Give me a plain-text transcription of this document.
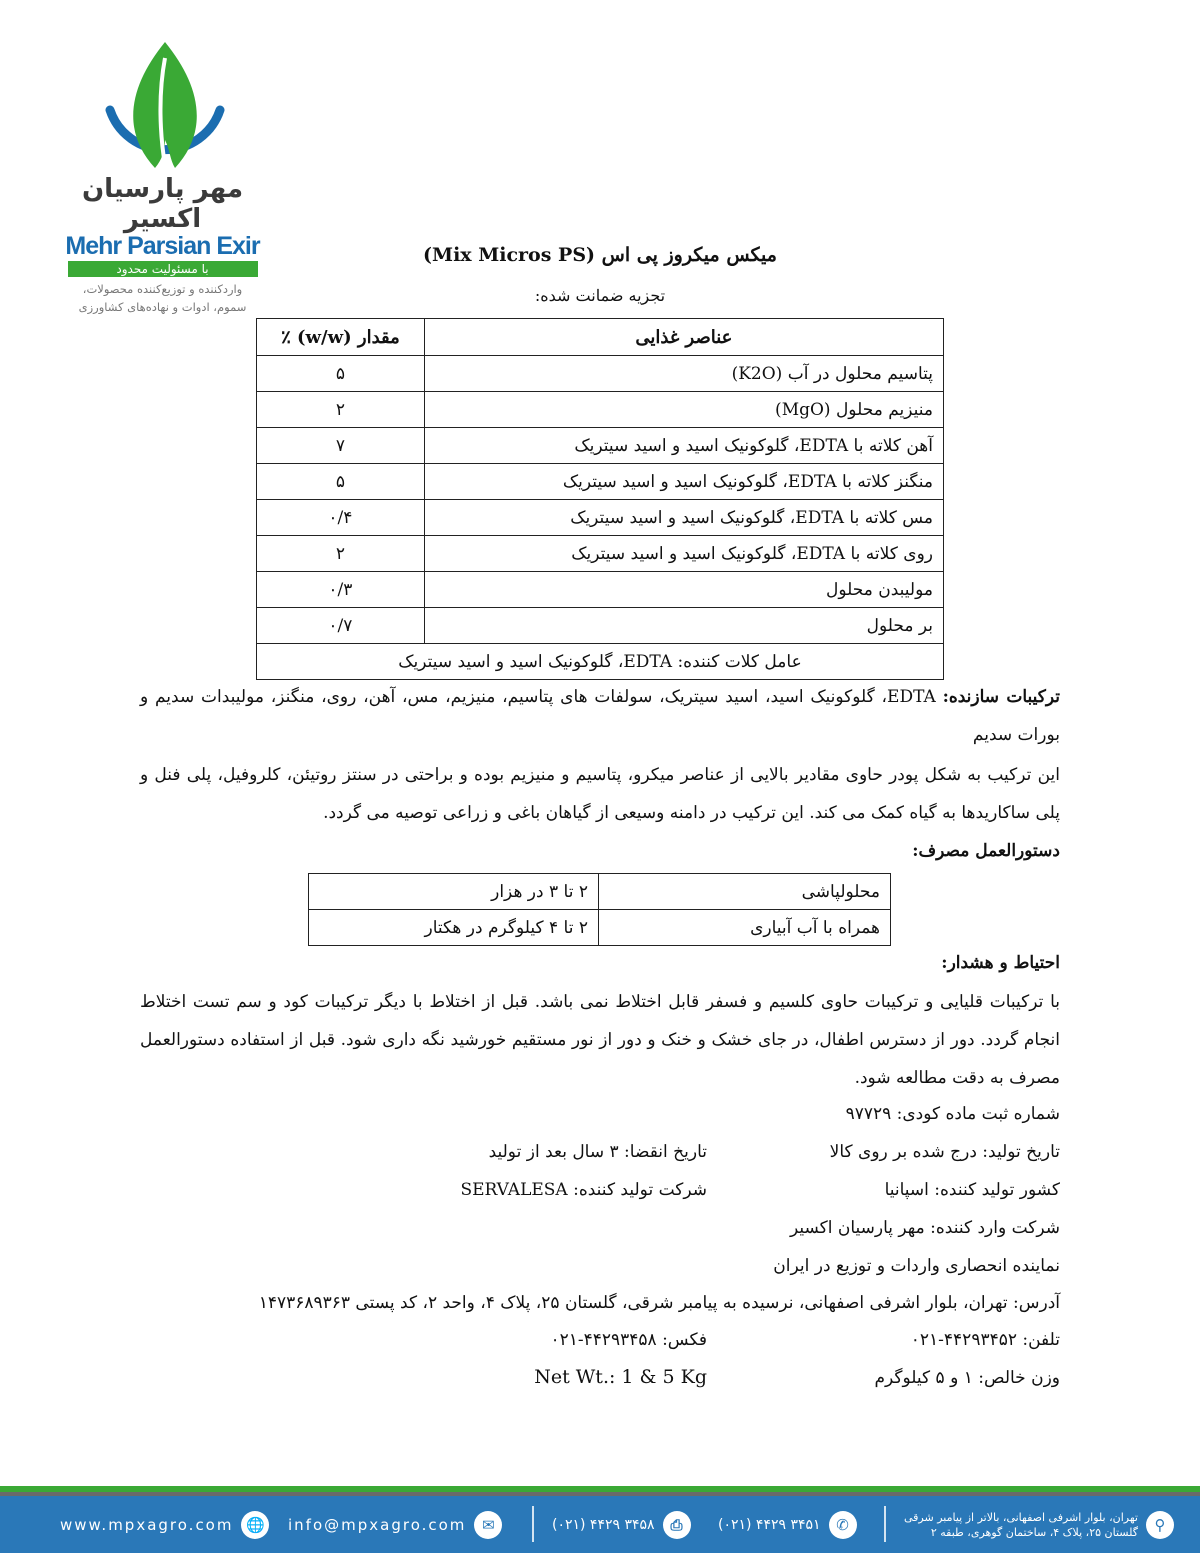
مهر پارسیان اکسیر
Mehr Parsian Exir
با مسئولیت محدود
واردکننده و توزیع‌کننده محصولات،
سموم، ادوات و نهاده‌های کشاورزی
میکس میکروز پی اس (Mix Micros PS)
تجزیه ضمانت شده:
عناصر غذایی	مقدار (w/w) ٪
پتاسیم محلول در آب (K2O)	۵
منیزیم محلول (MgO)	۲
آهن کلاته با EDTA، گلوکونیک اسید و اسید سیتریک	۷
منگنز کلاته با EDTA، گلوکونیک اسید و اسید سیتریک	۵
مس کلاته با EDTA، گلوکونیک اسید و اسید سیتریک	۰/۴
روی کلاته با EDTA، گلوکونیک اسید و اسید سیتریک	۲
مولیبدن محلول	۰/۳
بر محلول	۰/۷
عامل کلات کننده: EDTA، گلوکونیک اسید و اسید سیتریک	
ترکیبات سازنده: EDTA، گلوکونیک اسید، اسید سیتریک، سولفات های پتاسیم، منیزیم، مس، آهن، روی، منگنز، مولیبدات سدیم و بورات سدیم
این ترکیب به شکل پودر حاوی مقادیر بالایی از عناصر میکرو، پتاسیم و منیزیم بوده و براحتی در سنتز روتیئن، کلروفیل، پلی فنل و پلی ساکاریدها به گیاه کمک می کند. این ترکیب در دامنه وسیعی از گیاهان باغی و زراعی توصیه می گردد.
دستورالعمل مصرف:
محلولپاشی	۲ تا ۳ در هزار
همراه با آب آبیاری	۲ تا ۴ کیلوگرم در هکتار
احتیاط و هشدار:
با ترکیبات قلیایی و ترکیبات حاوی کلسیم و فسفر قابل اختلاط نمی باشد. قبل از اختلاط با دیگر ترکیبات کود و سم تست اختلاط انجام گردد. دور از دسترس اطفال، در جای خشک و خنک و دور از نور مستقیم خورشید نگه داری شود. قبل از استفاده دستورالعمل مصرف به دقت مطالعه شود.
شماره ثبت ماده کودی: ۹۷۷۲۹
تاریخ تولید: درج شده بر روی کالا
تاریخ انقضا: ۳ سال بعد از تولید
کشور تولید کننده: اسپانیا
شرکت تولید کننده: SERVALESA
شرکت وارد کننده: مهر پارسیان اکسیر
نماینده انحصاری واردات و توزیع در ایران
آدرس: تهران، بلوار اشرفی اصفهانی، نرسیده به پیامبر شرقی، گلستان ۲۵، پلاک ۴، واحد ۲، کد پستی ۱۴۷۳۶۸۹۳۶۳
تلفن: ۴۴۲۹۳۴۵۲-۰۲۱
فکس: ۴۴۲۹۳۴۵۸-۰۲۱
وزن خالص: ۱ و ۵ کیلوگرم
Net Wt.: 1 & 5 Kg
www.mpxagro.com 🌐	info@mpxagro.com	✉	(۰۲۱) ۴۴۲۹ ۳۴۵۸	⎙	(۰۲۱) ۴۴۲۹ ۳۴۵۱	✆	تهران، بلوار اشرفی اصفهانی، بالاتر از پیامبر شرقی
گلستان ۲۵، پلاک ۴، ساختمان گوهری، طبقه ۲	⚲
